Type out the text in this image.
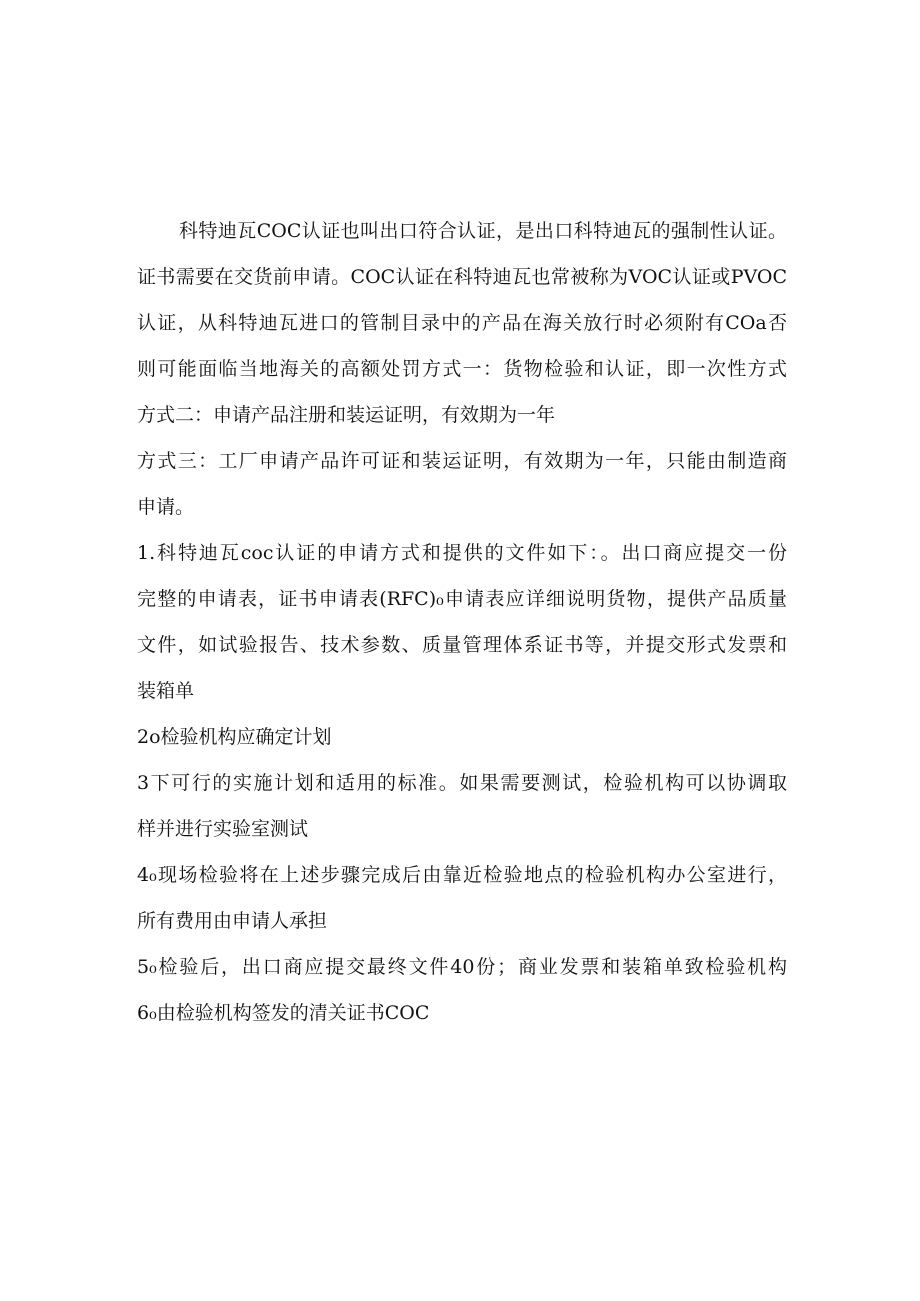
科特迪瓦COC认证也叫出口符合认证，是出口科特迪瓦的强制性认证。
证书需要在交货前申请。COC认证在科特迪瓦也常被称为VOC认证或PVOC
认证，从科特迪瓦进口的管制目录中的产品在海关放行时必须附有COa否
则可能面临当地海关的高额处罚方式一：货物检验和认证，即一次性方式
方式二：申请产品注册和装运证明，有效期为一年
方式三：工厂申请产品许可证和装运证明，有效期为一年，只能由制造商
申请。
1.科特迪瓦coc认证的申请方式和提供的文件如下：。出口商应提交一份
完整的申请表，证书申请表(RFC)₀申请表应详细说明货物，提供产品质量
文件，如试验报告、技术参数、质量管理体系证书等，并提交形式发票和
装箱单
2o检验机构应确定计划
3下可行的实施计划和适用的标准。如果需要测试，检验机构可以协调取
样并进行实验室测试
4₀现场检验将在上述步骤完成后由靠近检验地点的检验机构办公室进行，
所有费用由申请人承担
5₀检验后，出口商应提交最终文件40份；商业发票和装箱单致检验机构
6₀由检验机构签发的清关证书COC
